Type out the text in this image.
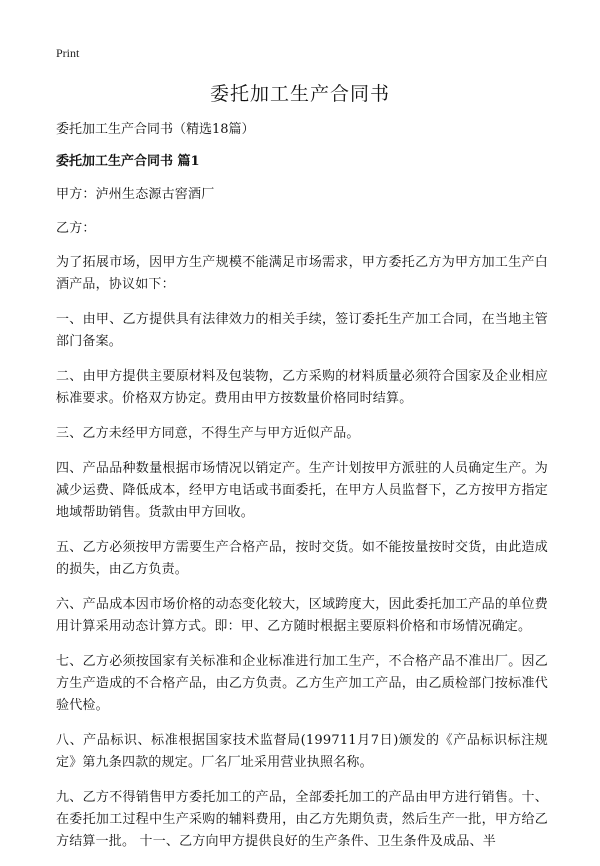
Print
委托加工生产合同书
委托加工生产合同书（精选18篇）
委托加工生产合同书 篇1
甲方：泸州生态源古窖酒厂
乙方：
为了拓展市场，因甲方生产规模不能满足市场需求，甲方委托乙方为甲方加工生产白酒产品，协议如下：
一、由甲、乙方提供具有法律效力的相关手续，签订委托生产加工合同，在当地主管部门备案。
二、由甲方提供主要原材料及包装物，乙方采购的材料质量必须符合国家及企业相应标准要求。价格双方协定。费用由甲方按数量价格同时结算。
三、乙方未经甲方同意，不得生产与甲方近似产品。
四、产品品种数量根据市场情况以销定产。生产计划按甲方派驻的人员确定生产。为减少运费、降低成本，经甲方电话或书面委托，在甲方人员监督下，乙方按甲方指定地域帮助销售。货款由甲方回收。
五、乙方必须按甲方需要生产合格产品，按时交货。如不能按量按时交货，由此造成的损失，由乙方负责。
六、产品成本因市场价格的动态变化较大，区域跨度大，因此委托加工产品的单位费用计算采用动态计算方式。即：甲、乙方随时根据主要原料价格和市场情况确定。
七、乙方必须按国家有关标准和企业标准进行加工生产，不合格产品不准出厂。因乙方生产造成的不合格产品，由乙方负责。乙方生产加工产品，由乙质检部门按标准代验代检。
八、产品标识、标准根据国家技术监督局(199711月7日)颁发的《产品标识标注规定》第九条四款的规定。厂名厂址采用营业执照名称。
九、乙方不得销售甲方委托加工的产品，全部委托加工的产品由甲方进行销售。十、在委托加工过程中生产采购的辅料费用，由乙方先期负责，然后生产一批，甲方给乙方结算一批。 十一、乙方向甲方提供良好的生产条件、卫生条件及成品、半
